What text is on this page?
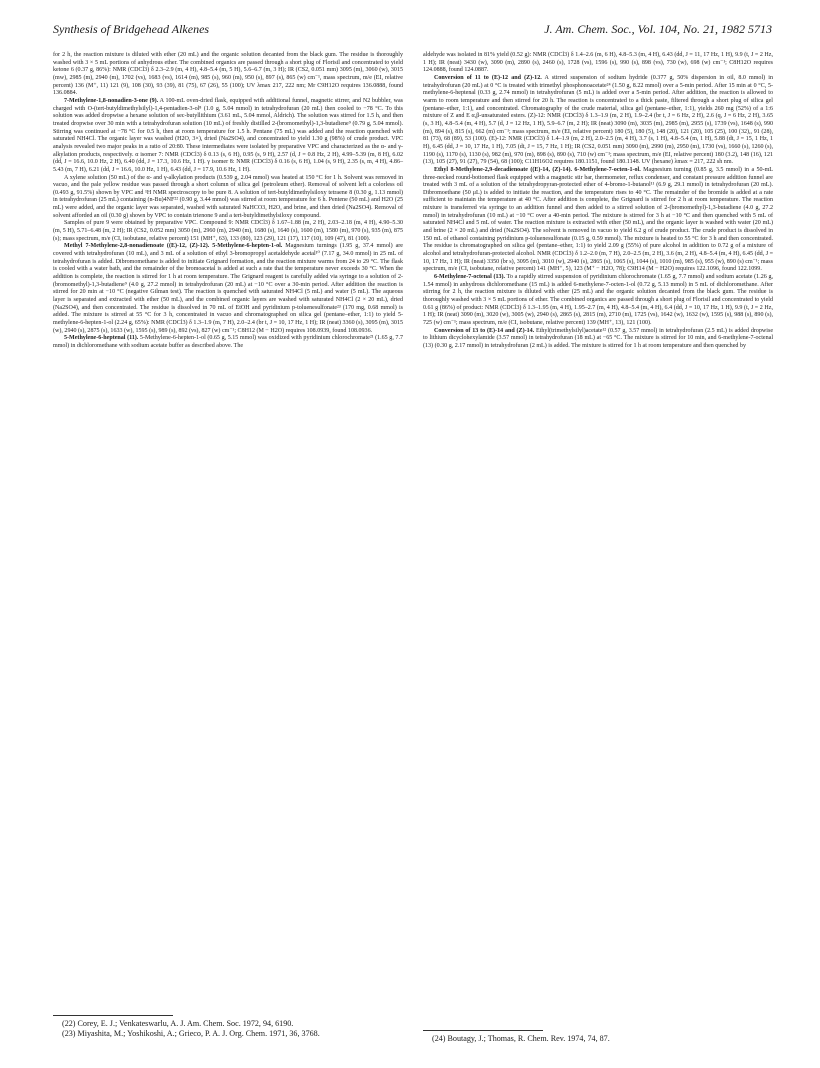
Synthesis of Bridgehead Alkenes	J. Am. Chem. Soc., Vol. 104, No. 21, 1982 5713

for 2 h, the reaction mixture is diluted with ether (20 mL) and the organic solution decanted from the black gum. The residue is thoroughly washed with 3 × 5 mL portions of anhydrous ether. The combined organics are passed through a short plug of Florisil and concentrated to yield ketone 6 (0.37 g, 86%): NMR (CDCl3) δ 2.3–2.9 (m, 4 H), 4.8–5.4 (m, 5 H), 5.6–6.7 (m, 3 H); IR (CS2, 0.051 mm) 3095 (m), 3060 (w), 3015 (mw), 2985 (m), 2940 (m), 1702 (vs), 1683 (vs), 1614 (m), 985 (s), 960 (m), 950 (s), 897 (s), 865 (w) cm⁻¹, mass spectrum, m/e (EI, relative percent) 136 (M⁺, 11) 121 (9), 108 (30), 93 (39), 81 (75), 67 (26), 55 (100); UV λmax 217, 222 nm; Mr C9H12O requires 136.0888, found 136.0884.

7-Methylene-1,8-nonadien-3-one (9). A 100-mL oven-dried flask, equipped with additional funnel, magnetic stirrer, and N2 bubbler, was charged with O-(tert-butyldimethylsilyl)-1,4-pentadien-3-ol⁸ (1.0 g, 5.04 mmol) in tetrahydrofuran (20 mL) then cooled to −78 °C. To this solution was added dropwise a hexane solution of sec-butyllithium (3.61 mL, 5.04 mmol, Aldrich). The solution was stirred for 1.5 h, and then treated dropwise over 30 min with a tetrahydrofuran solution (10 mL) of freshly distilled 2-(bromomethyl)-1,3-butadiene⁹ (0.79 g, 5.04 mmol). Stirring was continued at −78 °C for 0.5 h, then at room temperature for 1.5 h. Pentane (75 mL) was added and the reaction quenched with saturated NH4Cl. The organic layer was washed (H2O, 3×), dried (Na2SO4), and concentrated to yield 1.30 g (98%) of crude product. VPC analysis revealed two major peaks in a ratio of 20:80. These intermediates were isolated by preparative VPC and characterized as the α- and γ-alkylation products, respectively. α isomer 7: NMR (CDCl3) δ 0.13 (s, 6 H), 0.95 (s, 9 H), 2.57 (d, J = 0.8 Hz, 2 H), 4.99–5.39 (m, 8 H), 6.02 (dd, J = 16.6, 10.0 Hz, 2 H), 6.40 (dd, J = 17.3, 10.6 Hz, 1 H). γ isomer 8: NMR (CDCl3) δ 0.16 (s, 6 H), 1.04 (s, 9 H), 2.35 (s, m, 4 H), 4.86–5.43 (m, 7 H), 6.21 (dd, J = 16.6, 10.0 Hz, 1 H), 6.43 (dd, J = 17.9, 10.6 Hz, 1 H).

A xylene solution (50 mL) of the α- and γ-alkylation products (0.539 g, 2.04 mmol) was heated at 150 °C for 1 h. Solvent was removed in vacuo, and the pale yellow residue was passed through a short column of silica gel (petroleum ether). Removal of solvent left a colorless oil (0.493 g, 91.5%) shown by VPC and ¹H NMR spectroscopy to be pure 8. A solution of tert-butyldimethylsiloxy tetraene 8 (0.30 g, 1.13 mmol) in tetrahydrofuran (25 mL) containing (n-Bu)4NF²² (0.90 g, 3.44 mmol) was stirred at room temperature for 6 h. Pentene (50 mL) and H2O (25 mL) were added, and the organic layer was separated, washed with saturated NaHCO3, H2O, and brine, and then dried (Na2SO4). Removal of solvent afforded an oil (0.30 g) shown by VPC to contain trienone 9 and a tert-butyldimethylsiloxy compound.

Samples of pure 9 were obtained by preparative VPC. Compound 9: NMR CDCl3) δ 1.67–1.88 (m, 2 H), 2.03–2.18 (m, 4 H), 4.90–5.30 (m, 5 H), 5.71–6.48 (m, 2 H); IR (CS2, 0.052 mm) 3050 (m), 2960 (m), 2940 (m), 1680 (s), 1640 (s), 1600 (m), 1580 (m), 970 (s), 935 (m), 875 (s); mass spectrum, m/e (CI, isobutane, relative percent) 151 (MH⁺, 63), 133 (80), 123 (29), 121 (17), 117 (10), 109 (47), 81 (100).

Methyl 7-Methylene-2,8-nonadienoate ((E)-12, (Z)-12). 5-Methylene-6-hepten-1-ol. Magnesium turnings (1.95 g, 37.4 mmol) are covered with tetrahydrofuran (10 mL), and 3 mL of a solution of ethyl 3-bromopropyl acetaldehyde acetal¹⁰ (7.17 g, 34.0 mmol) in 25 mL of tetrahydrofuran is added. Dibromomethane is added to initiate Grignard formation, and the reaction mixture warms from 24 to 29 °C. The flask is cooled with a water bath, and the remainder of the bromoacetal is added at such a rate that the temperature never exceeds 30 °C. When the addition is complete, the reaction is stirred for 1 h at room temperature. The Grignard reagent is carefully added via syringe to a solution of 2-(bromomethyl)-1,3-butadiene⁹ (4.0 g, 27.2 mmol) in tetrahydrofuran (20 mL) at −10 °C over a 30-min period. After addition the reaction is stirred for 20 min at −10 °C (negative Gilman test). The reaction is quenched with saturated NH4Cl (5 mL) and water (5 mL). The aqueous layer is separated and extracted with ether (50 mL), and the combined organic layers are washed with saturated NH4Cl (2 × 20 mL), dried (Na2SO4), and then concentrated. The residue is dissolved in 70 mL of EtOH and pyridinium p-toluenesulfonate²³ (170 mg, 0.68 mmol) is added. The mixture is stirred at 55 °C for 3 h, concentrated in vacuo and chromatographed on silica gel (pentane–ether, 1:1) to yield 5-methylene-6-hepten-1-ol (2.24 g, 65%): NMR (CDCl3) δ 1.3–1.9 (m, 7 H), 2.0–2.4 (br t, J = 10, 17 Hz, 1 H); IR (neat) 3360 (s), 3095 (m), 3015 (w), 2940 (s), 2875 (s), 1633 (w), 1595 (s), 989 (s), 892 (vs), 827 (w) cm⁻¹; C8H12 (M − H2O) requires 108.0939, found 108.0936.

5-Methylene-6-heptenal (11). 5-Methylene-6-hepten-1-ol (0.65 g, 5.15 mmol) was oxidized with pyridinium chlorochromate²¹ (1.65 g, 7.7 mmol) in dichloromethane with sodium acetate buffer as described above. The

aldehyde was isolated in 81% yield (0.52 g): NMR (CDCl3) δ 1.4–2.6 (m, 6 H), 4.8–5.3 (m, 4 H), 6.43 (dd, J = 11, 17 Hz, 1 H), 9.9 (t, J = 2 Hz, 1 H); IR (neat) 3430 (w), 3090 (m), 2890 (s), 2460 (s), 1728 (vs), 1596 (s), 990 (s), 898 (vs), 730 (w), 698 (w) cm⁻¹; C8H12O requires 124.0888, found 124.0887.

Conversion of 11 to (E)-12 and (Z)-12. A stirred suspension of sodium hydride (0.377 g, 50% dispersion in oil, 8.0 mmol) in tetrahydrofuran (20 mL) at 0 °C is treated with trimethyl phosphonoacetate²⁴ (1.50 g, 8.22 mmol) over a 5-min period. After 15 min at 0 °C, 5-methylene-6-heptenal (0.33 g, 2.74 mmol) in tetrahydrofuran (5 mL) is added over a 5-min period. After addition, the reaction is allowed to warm to room temperature and then stirred for 20 h. The reaction is concentrated to a thick paste, filtered through a short plug of silica gel (pentane–ether, 1:1), and concentrated. Chromatography of the crude material, silica gel (pentane–ether, 1:1), yields 260 mg (52%) of a 1:6 mixture of Z and E α,β-unsaturated esters. (Z)-12: NMR (CDCl3) δ 1.3–1.9 (m, 2 H), 1.9–2.4 (br t, J = 6 Hz, 2 H), 2.6 (q, J = 6 Hz, 2 H), 3.65 (s, 3 H), 4.8–5.4 (m, 4 H), 5.7 (d, J = 12 Hz, 1 H), 5.9–6.7 (m, 2 H); IR (neat) 3090 (m), 3035 (m), 2985 (m), 2955 (s), 1739 (vs), 1648 (s), 990 (m), 894 (s), 815 (s), 662 (m) cm⁻¹; mass spectrum, m/e (EI, relative percent) 180 (5), 180 (5), 148 (20), 121 (20), 105 (25), 100 (32),, 91 (28), 81 (73), 68 (89), 53 (100). (E)-12: NMR (CDCl3) δ 1.4–1.9 (m, 2 H), 2.0–2.5 (m, 4 H), 3.7 (s, 1 H), 4.8–5.4 (m, 1 H), 5.88 (dt, J = 15, 1 Hz, 1 H), 6.45 (dd, J = 10, 17 Hz, 1 H), 7.05 (dt, J = 15, 7 Hz, 1 H); IR (CS2, 0.051 mm) 3090 (m), 2990 (m), 2950 (m), 1730 (vs), 1660 (s), 1260 (s), 1190 (s), 1170 (s), 1130 (s), 982 (m), 970 (m), 898 (s), 890 (s), 710 (w) cm⁻¹; mass spectrum, m/e (EI, relative percent) 180 (3.2), 148 (16), 121 (13), 105 (27), 91 (27), 79 (54), 68 (100); C11H16O2 requires 180.1151, found 180.1148. UV (hexane) λmax = 217, 222 sh nm.

Ethyl 8-Methylene-2,9-decadienoate ((E)-14, (Z)-14). 6-Methylene-7-octen-1-ol. Magnesium turning (0.85 g, 3.5 mmol) in a 50-mL three-necked round-bottomed flask equipped with a magnetic stir bar, thermometer, reflux condenser, and constant pressure addition funnel are treated with 3 mL of a solution of the tetrahydropyran-protected ether of 4-bromo-1-butanol¹¹ (6.9 g, 29.1 mmol) in tetrahydrofuran (20 mL). Dibromoethane (50 μL) is added to initiate the reaction, and the temperature rises to 40 °C. The remainder of the bromide is added at a rate sufficient to maintain the temperature at 40 °C. After addition is complete, the Grignard is stirred for 2 h at room temperature. The reaction mixture is transferred via syringe to an addition funnel and then added to a stirred solution of 2-(bromomethyl)-1,3-butadiene (4.0 g, 27.2 mmol) in tetrahydrofuran (10 mL) at −10 °C over a 40-min period. The mixture is stirred for 3 h at −10 °C and then quenched with 5 mL of saturated NH4Cl and 5 mL of water. The reaction mixture is extracted with ether (50 mL), and the organic layer is washed with water (20 mL) and brine (2 × 20 mL) and dried (Na2SO4). The solvent is removed in vacuo to yield 6.2 g of crude product. The crude product is dissolved in 150 mL of ethanol containing pyridinium p-toluenesulfonate (0.15 g, 0.59 mmol). The mixture is heated to 55 °C for 3 h and then concentrated. The residue is chromatographed on silica gel (pentane–ether, 1:1) to yield 2.09 g (55%) of pure alcohol in addition to 0.72 g of a mixture of alcohol and tetrahydrofuran-protected alcohol. NMR (CDCl3) δ 1.2–2.0 (m, 7 H), 2.0–2.5 (m, 2 H), 3.6 (m, 2 H), 4.8–5.4 (m, 4 H), 6.45 (dd, J = 10, 17 Hz, 1 H); IR (neat) 3350 (br s), 3095 (m), 3010 (w), 2940 (s), 2865 (s), 1065 (s), 1044 (s), 1010 (m), 985 (s), 955 (w), 890 (s) cm⁻¹; mass spectrum, m/e (CI, isobutane, relative percent) 141 (MH⁺, 5), 123 (M⁺ − H2O, 78); C9H14 (M − H2O) requires 122.1096, found 122.1099.

6-Methylene-7-octenal (13). To a rapidly stirred suspension of pyridinium chlorochromate (1.65 g, 7.7 mmol) and sodium acetate (1.26 g, 1.54 mmol) in anhydrous dichloromethane (15 mL) is added 6-methylene-7-octen-1-ol (0.72 g, 5.13 mmol) in 5 mL of dichloromethane. After stirring for 2 h, the reaction mixture is diluted with ether (25 mL) and the organic solution decanted from the black gum. The residue is thoroughly washed with 3 × 5 mL portions of ether. The combined organics are passed through a short plug of Florisil and concentrated to yield 0.61 g (86%) of product: NMR (CDCl3) δ 1.3–1.95 (m, 4 H), 1.95–2.7 (m, 4 H), 4.8–5.4 (m, 4 H), 6.4 (dd, J = 10, 17 Hz, 1 H), 9.9 (t, J = 2 Hz, 1 H); IR (neat) 3090 (m), 3020 (w), 3005 (w), 2940 (s), 2865 (s), 2815 (m), 2710 (m), 1725 (vs), 1642 (w), 1632 (w), 1595 (s), 988 (s), 890 (s), 725 (w) cm⁻¹; mass spectrum, m/e (CI, isobutane, relative percent) 139 (MH⁺, 13), 121 (100).

Conversion of 13 to (E)-14 and (Z)-14. Ethyl(trimethylsilyl)acetate¹² (0.57 g, 3.57 mmol) in tetrahydrofuran (2.5 mL) is added dropwise to lithium dicyclohexylamide (3.57 mmol) in tetrahydrofuran (18 mL) at −65 °C. The mixture is stirred for 10 min, and 6-methylene-7-octenal (13) (0.30 g, 2.17 mmol) in tetrahydrofuran (2 mL) is added. The mixture is stirred for 1 h at room temperature and then quenched by

(22) Corey, E. J.; Venkateswarlu, A. J. Am. Chem. Soc. 1972, 94, 6190.

(23) Miyashita, M.; Yoshikoshi, A.; Grieco, P. A. J. Org. Chem. 1971, 36, 3768.

(24) Boutagy, J.; Thomas, R. Chem. Rev. 1974, 74, 87.
